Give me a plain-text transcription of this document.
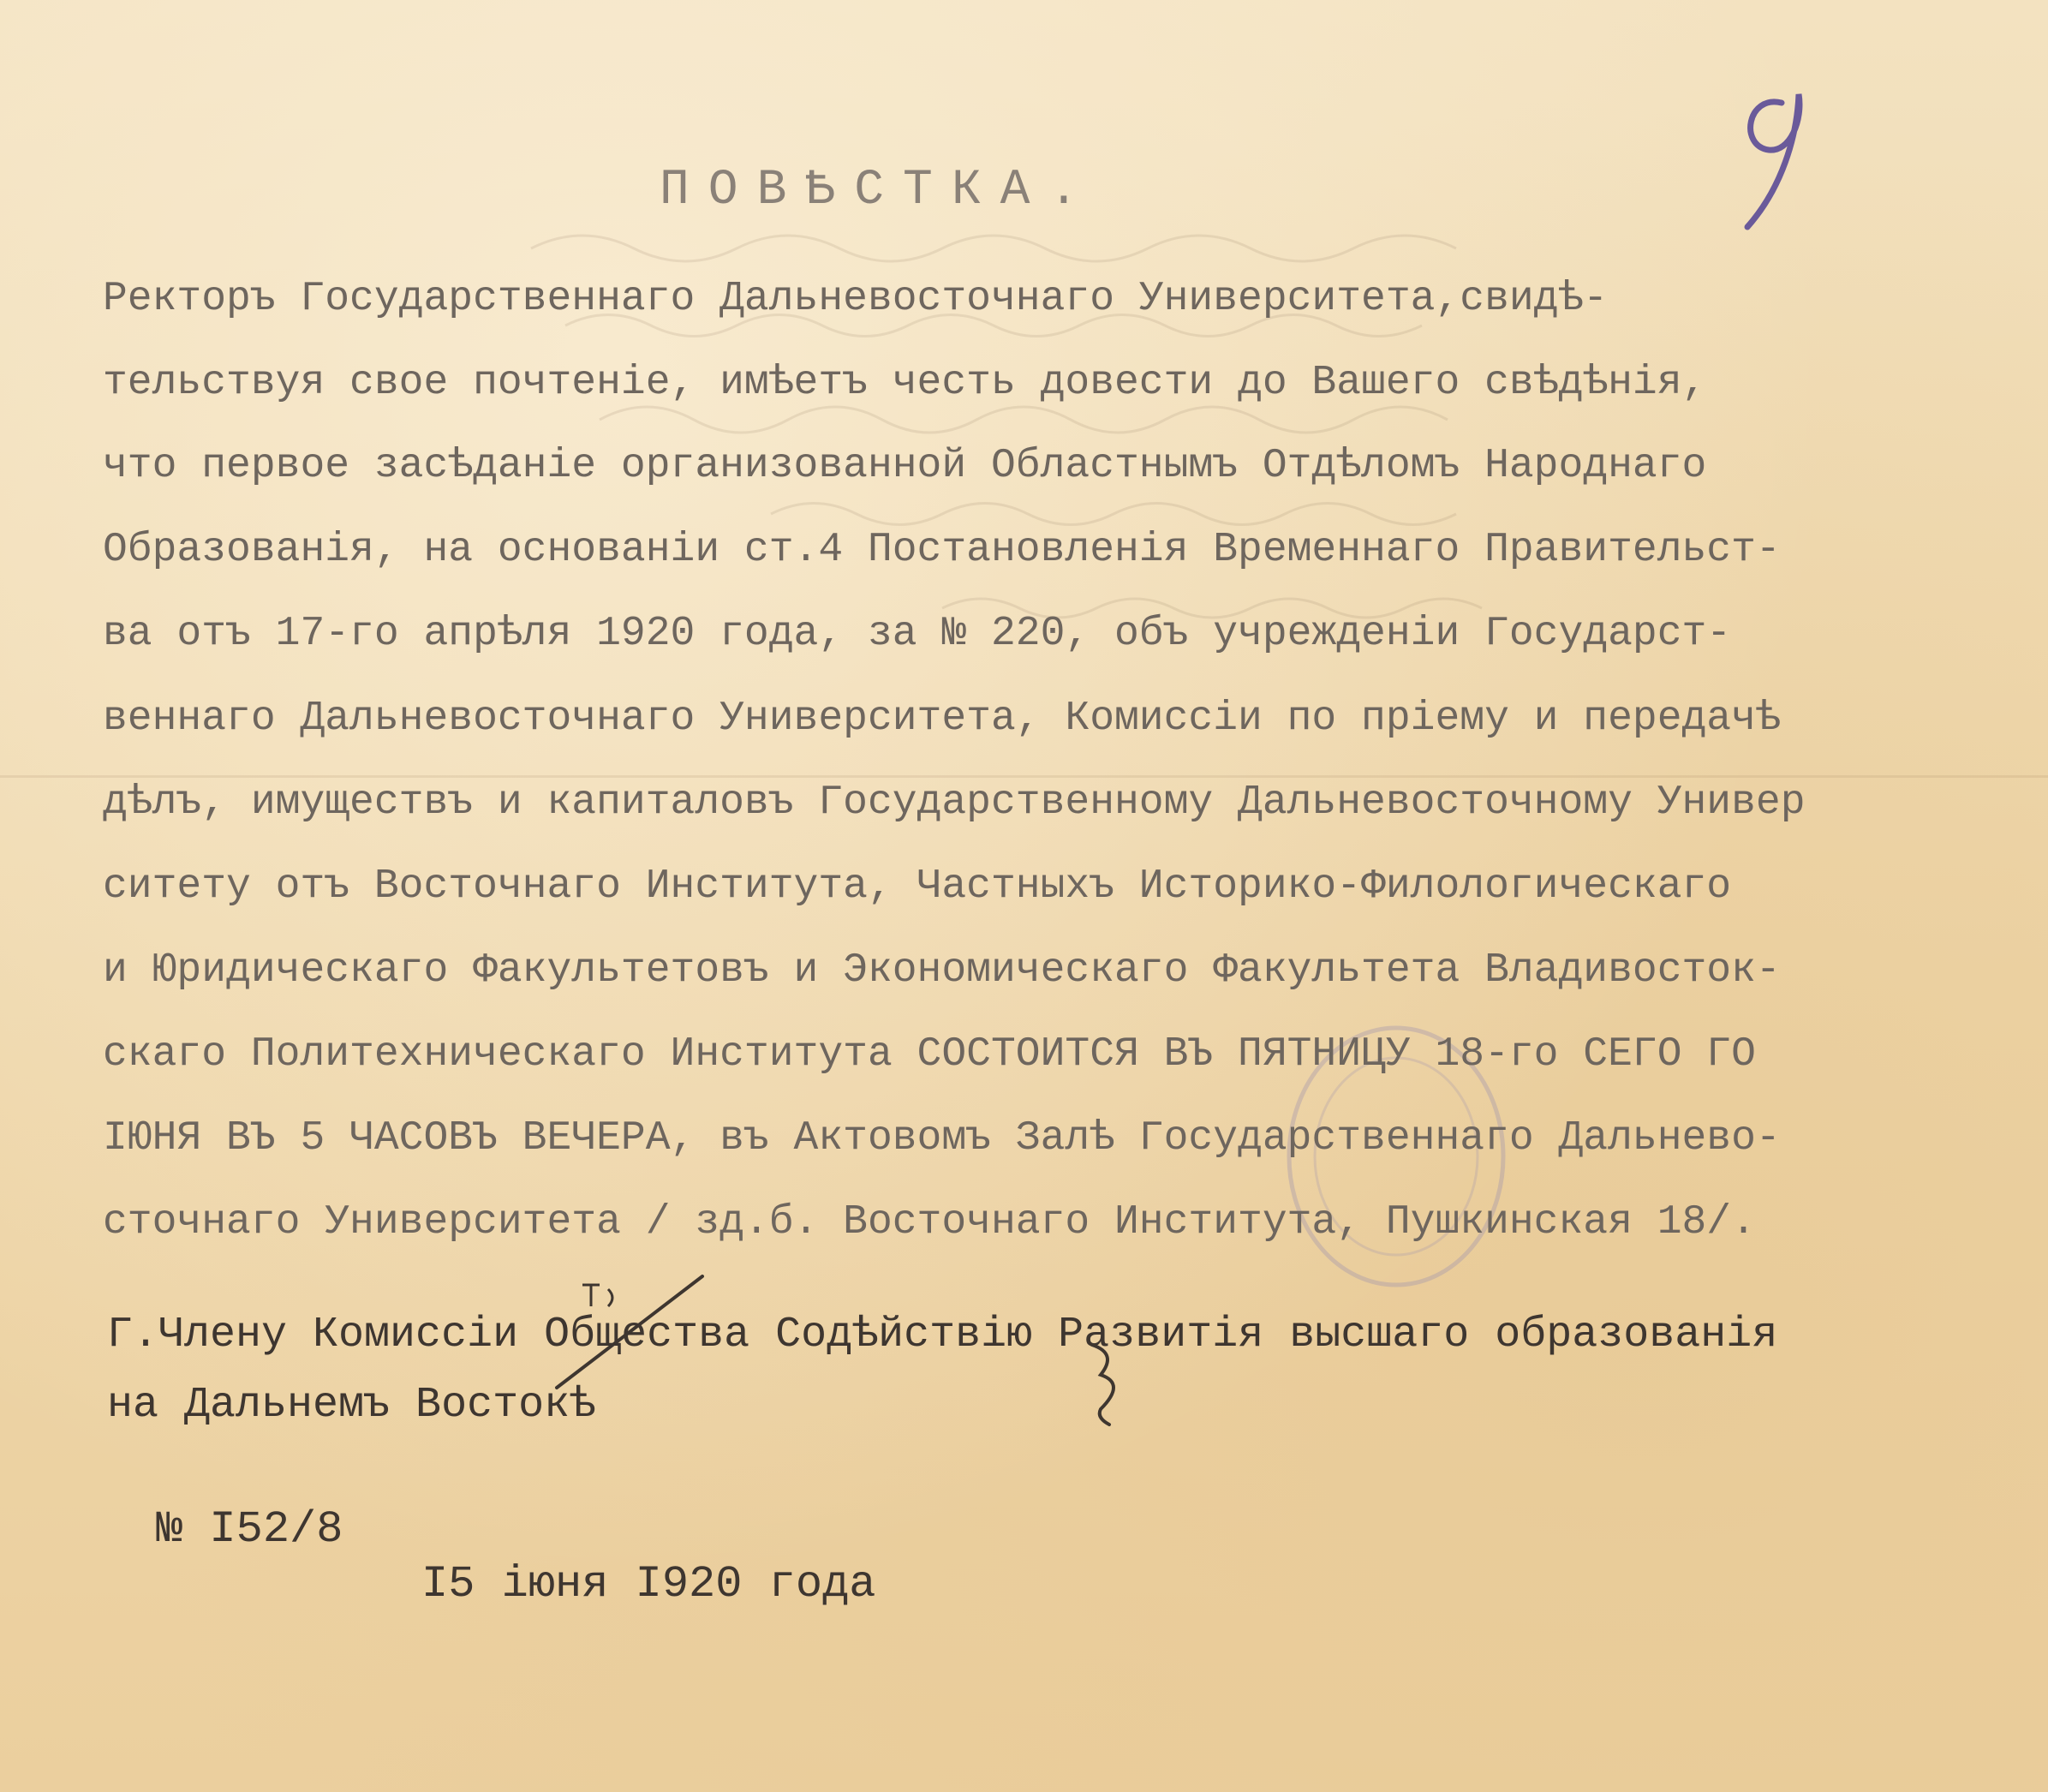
ПОВѢСТКА.
Ректоръ Государственнаго Дальневосточнаго Университета,свидѣ-
тельствуя свое почтеніе, имѣетъ честь довести до Вашего свѣдѣнія,
что первое засѣданіе организованной Областнымъ Отдѣломъ Народнаго
Образованія, на основаніи ст.4 Постановленія Временнаго Правительст-
ва отъ 17-го апрѣля 1920 года, за № 220, объ учрежденіи Государст-
веннаго Дальневосточнаго Университета, Комиссіи по пріему и передачѣ
дѣлъ, имуществъ и капиталовъ Государственному Дальневосточному Универ
ситету отъ Восточнаго Института, Частныхъ Историко-Филологическаго
и Юридическаго Факультетовъ и Экономическаго Факультета Владивосток-
скаго Политехническаго Института СОСТОИТСЯ ВЪ ПЯТНИЦУ 18-го СЕГО ГО
ІЮНЯ ВЪ 5 ЧАСОВЪ ВЕЧЕРА, въ Актовомъ Залѣ Государственнаго Дальнево-
сточнаго Университета / зд.б. Восточнаго Института, Пушкинская 18/.
Г.Члену Комиссіи Общества Содѣйствію Развитія высшаго образованія
на Дальнемъ Востокѣ
№ І52/8
І5 іюня І920 года
